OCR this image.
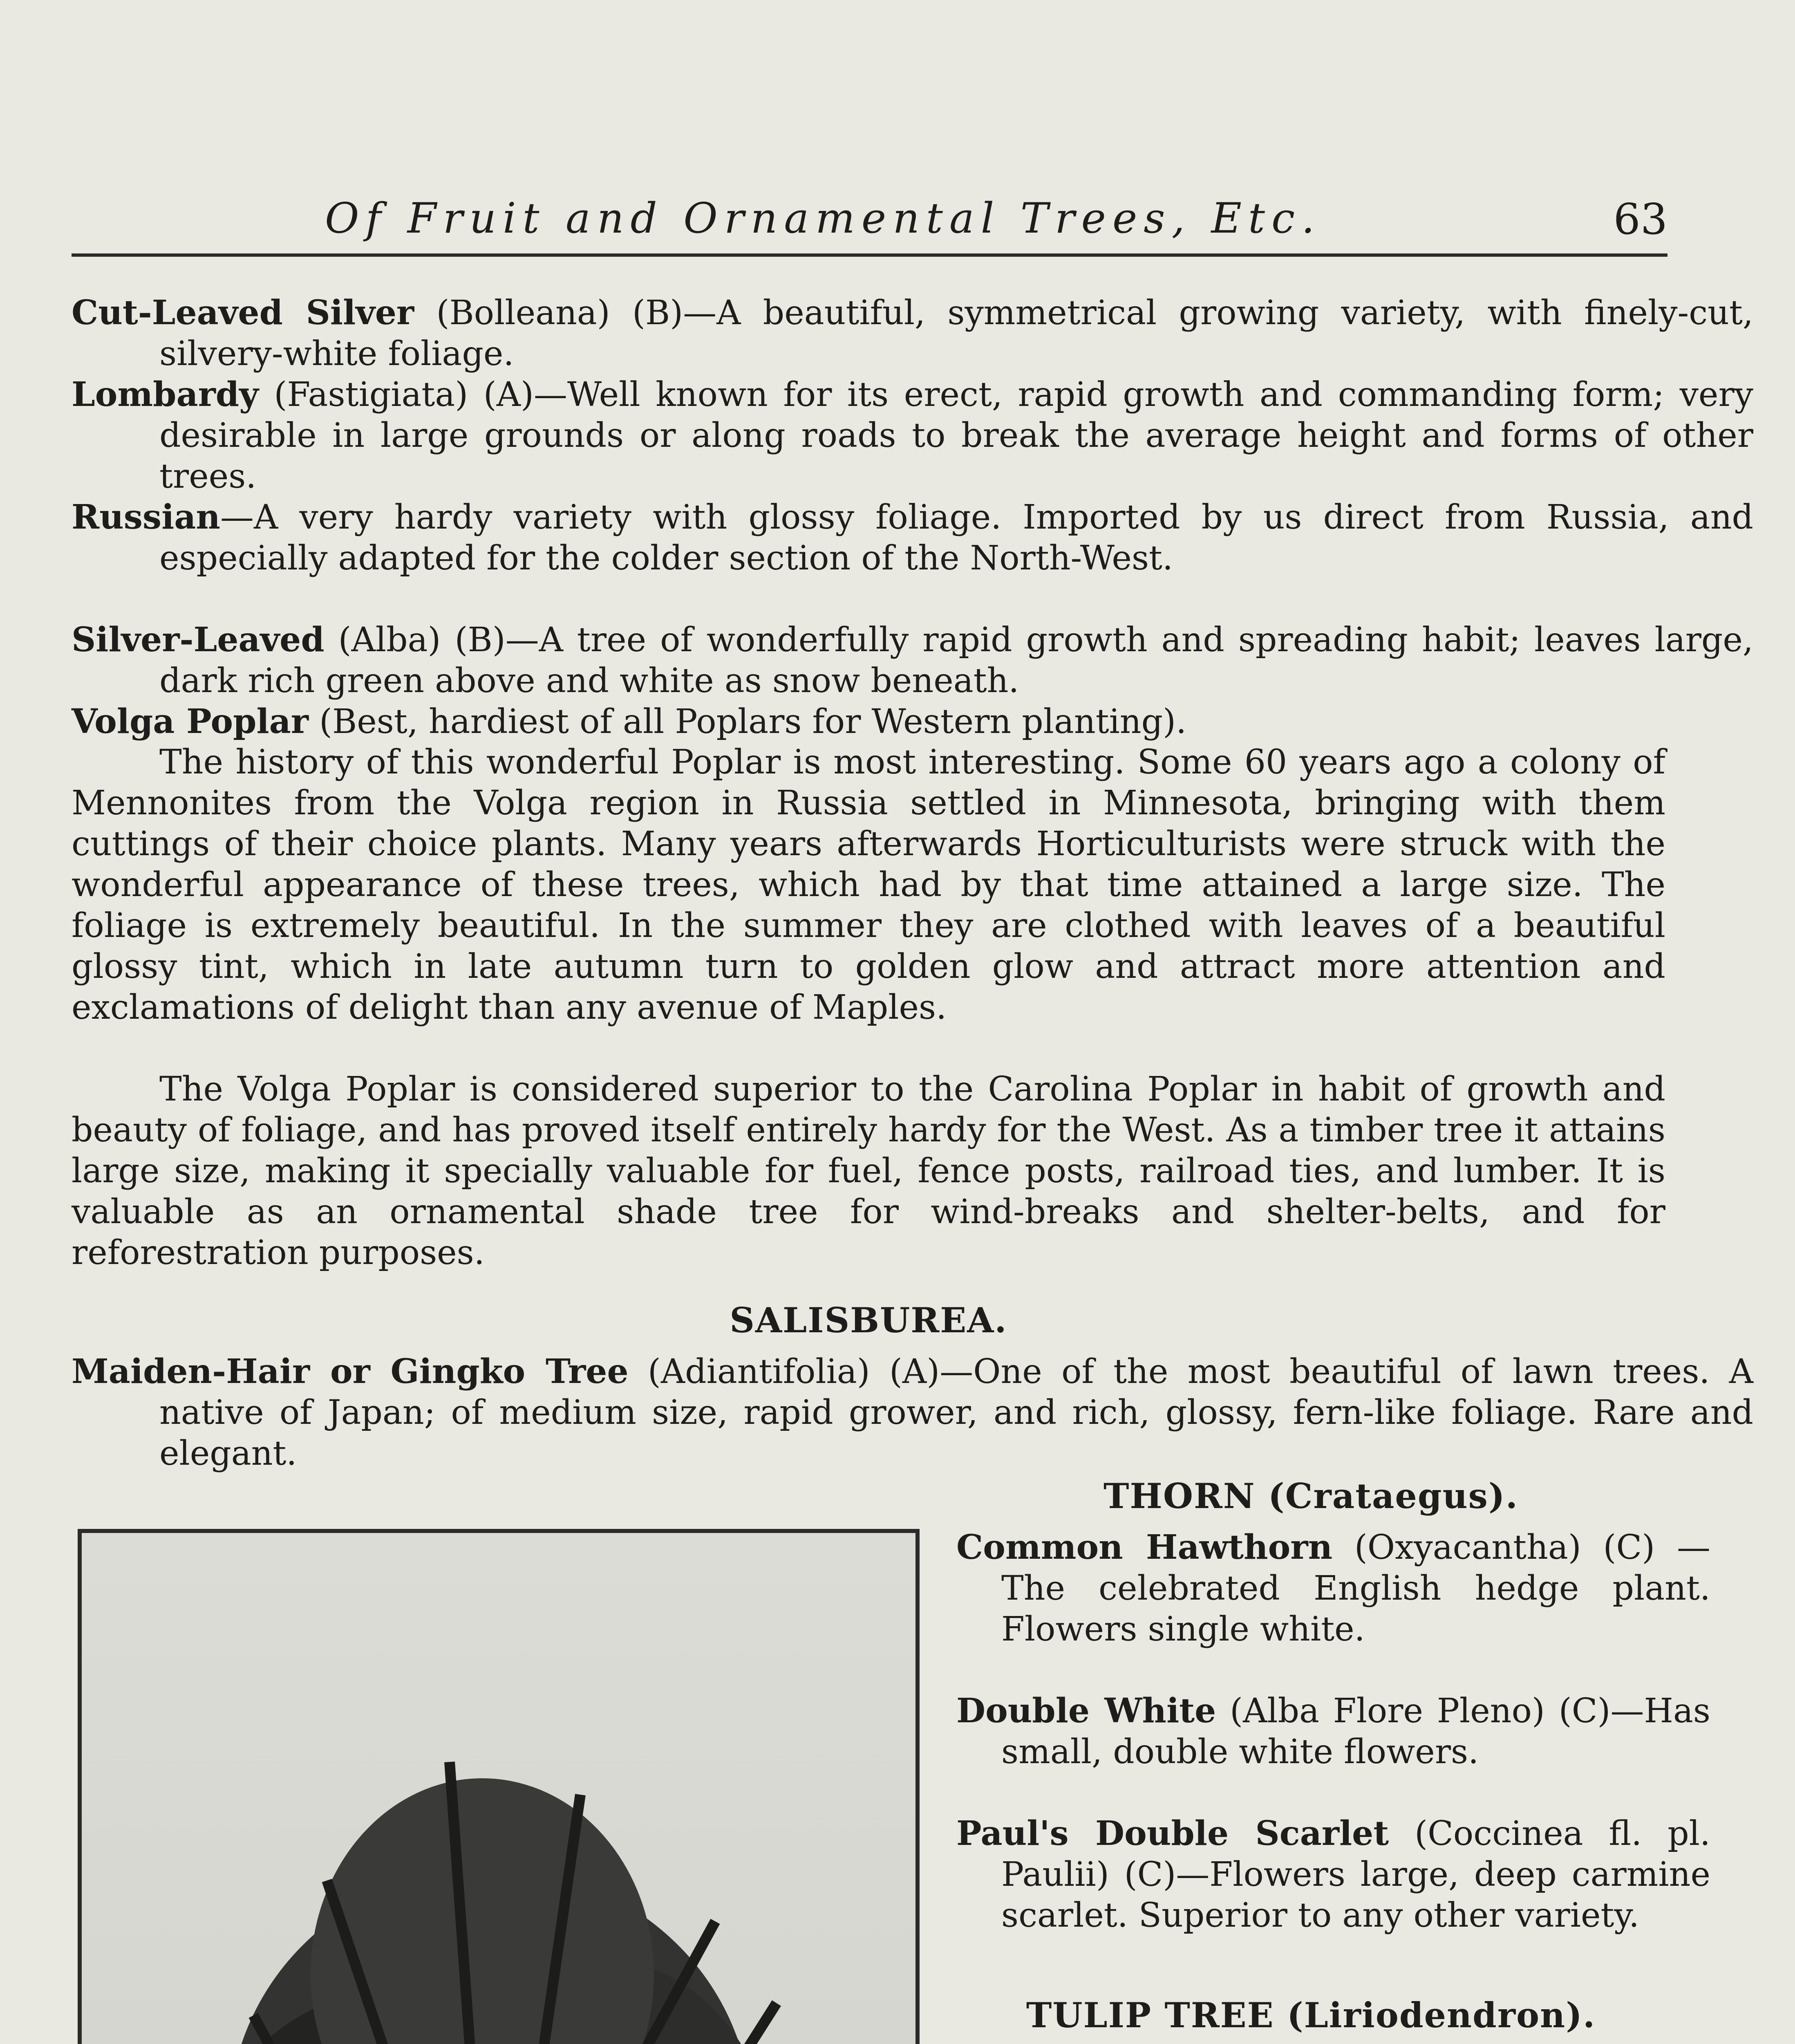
Of Fruit and Ornamental Trees, Etc.	63

Cut-Leaved Silver (Bolleana) (B)—A beautiful, symmetrical growing variety, with finely-cut, silvery-white foliage.

Lombardy (Fastigiata) (A)—Well known for its erect, rapid growth and commanding form; very desirable in large grounds or along roads to break the average height and forms of other trees.

Russian—A very hardy variety with glossy foliage. Imported by us direct from Russia, and especially adapted for the colder section of the North-West.

Silver-Leaved (Alba) (B)—A tree of wonderfully rapid growth and spreading habit; leaves large, dark rich green above and white as snow beneath.

Volga Poplar (Best, hardiest of all Poplars for Western planting).

The history of this wonderful Poplar is most interesting. Some 60 years ago a colony of Mennonites from the Volga region in Russia settled in Minnesota, bringing with them cuttings of their choice plants. Many years afterwards Horticulturists were struck with the wonderful appearance of these trees, which had by that time attained a large size. The foliage is extremely beautiful. In the summer they are clothed with leaves of a beautiful glossy tint, which in late autumn turn to golden glow and attract more attention and exclamations of delight than any avenue of Maples.

The Volga Poplar is considered superior to the Carolina Poplar in habit of growth and beauty of foliage, and has proved itself entirely hardy for the West. As a timber tree it attains large size, making it specially valuable for fuel, fence posts, railroad ties, and lumber. It is valuable as an ornamental shade tree for wind-breaks and shelter-belts, and for reforestration purposes.

SALISBUREA.

Maiden-Hair or Gingko Tree (Adiantifolia) (A)—One of the most beautiful of lawn trees. A native of Japan; of medium size, rapid grower, and rich, glossy, fern-like foliage. Rare and elegant.

THORN (Crataegus).

Common Hawthorn (Oxyacantha) (C) — The celebrated English hedge plant. Flowers single white.

Double White (Alba Flore Pleno) (C)—Has small, double white flowers.

Paul's Double Scarlet (Coccinea fl. pl. Paulii) (C)—Flowers large, deep carmine scarlet. Superior to any other variety.

TULIP TREE (Liriodendron).
